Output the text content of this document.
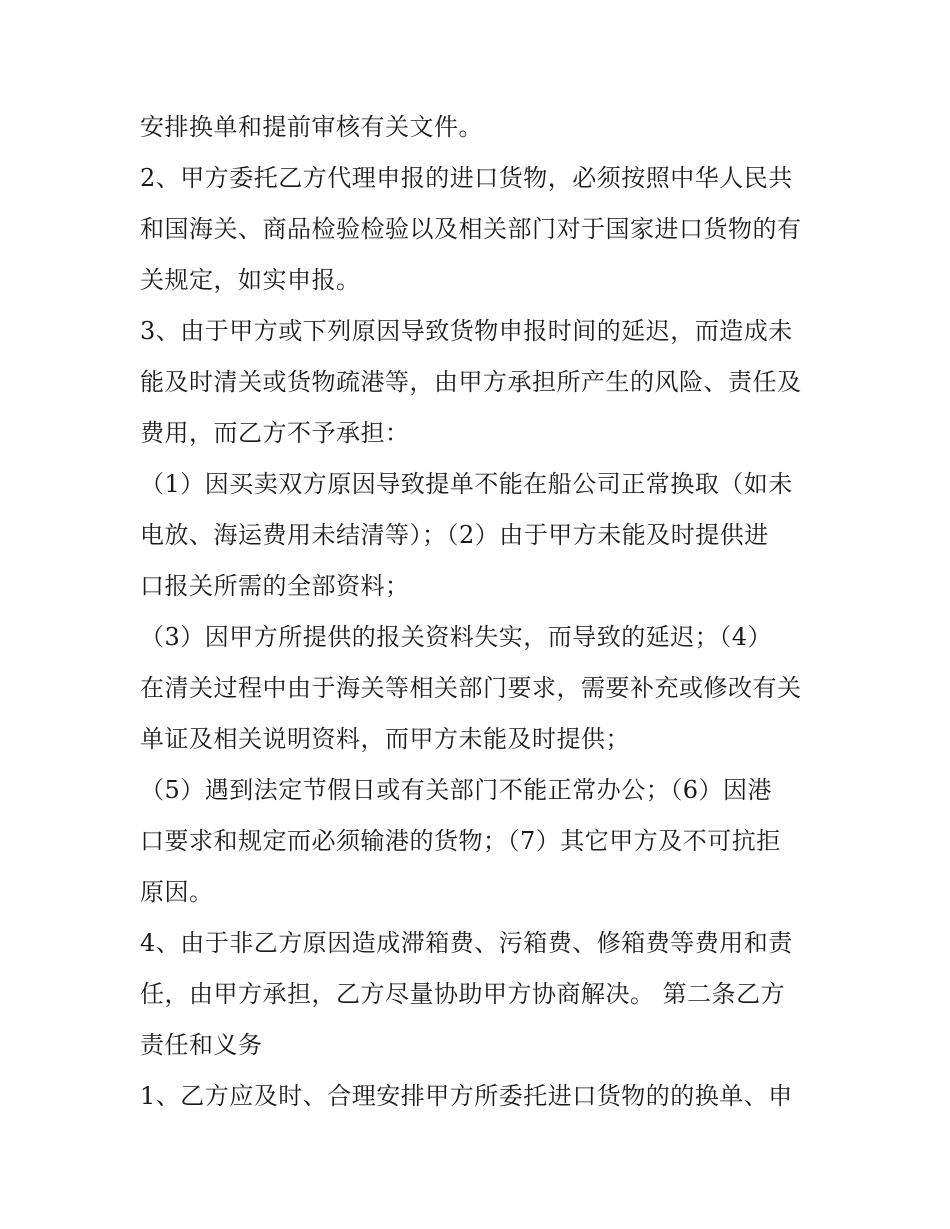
安排换单和提前审核有关文件。
2、甲方委托乙方代理申报的进口货物，必须按照中华人民共
和国海关、商品检验检验以及相关部门对于国家进口货物的有
关规定，如实申报。
3、由于甲方或下列原因导致货物申报时间的延迟，而造成未
能及时清关或货物疏港等，由甲方承担所产生的风险、责任及
费用，而乙方不予承担：
（1）因买卖双方原因导致提单不能在船公司正常换取（如未
电放、海运费用未结清等）；（2）由于甲方未能及时提供进
口报关所需的全部资料；
（3）因甲方所提供的报关资料失实，而导致的延迟；（4）
在清关过程中由于海关等相关部门要求，需要补充或修改有关
单证及相关说明资料，而甲方未能及时提供；
（5）遇到法定节假日或有关部门不能正常办公；（6）因港
口要求和规定而必须输港的货物；（7）其它甲方及不可抗拒
原因。
4、由于非乙方原因造成滞箱费、污箱费、修箱费等费用和责
任，由甲方承担，乙方尽量协助甲方协商解决。 第二条乙方
责任和义务
1、乙方应及时、合理安排甲方所委托进口货物的的换单、申
